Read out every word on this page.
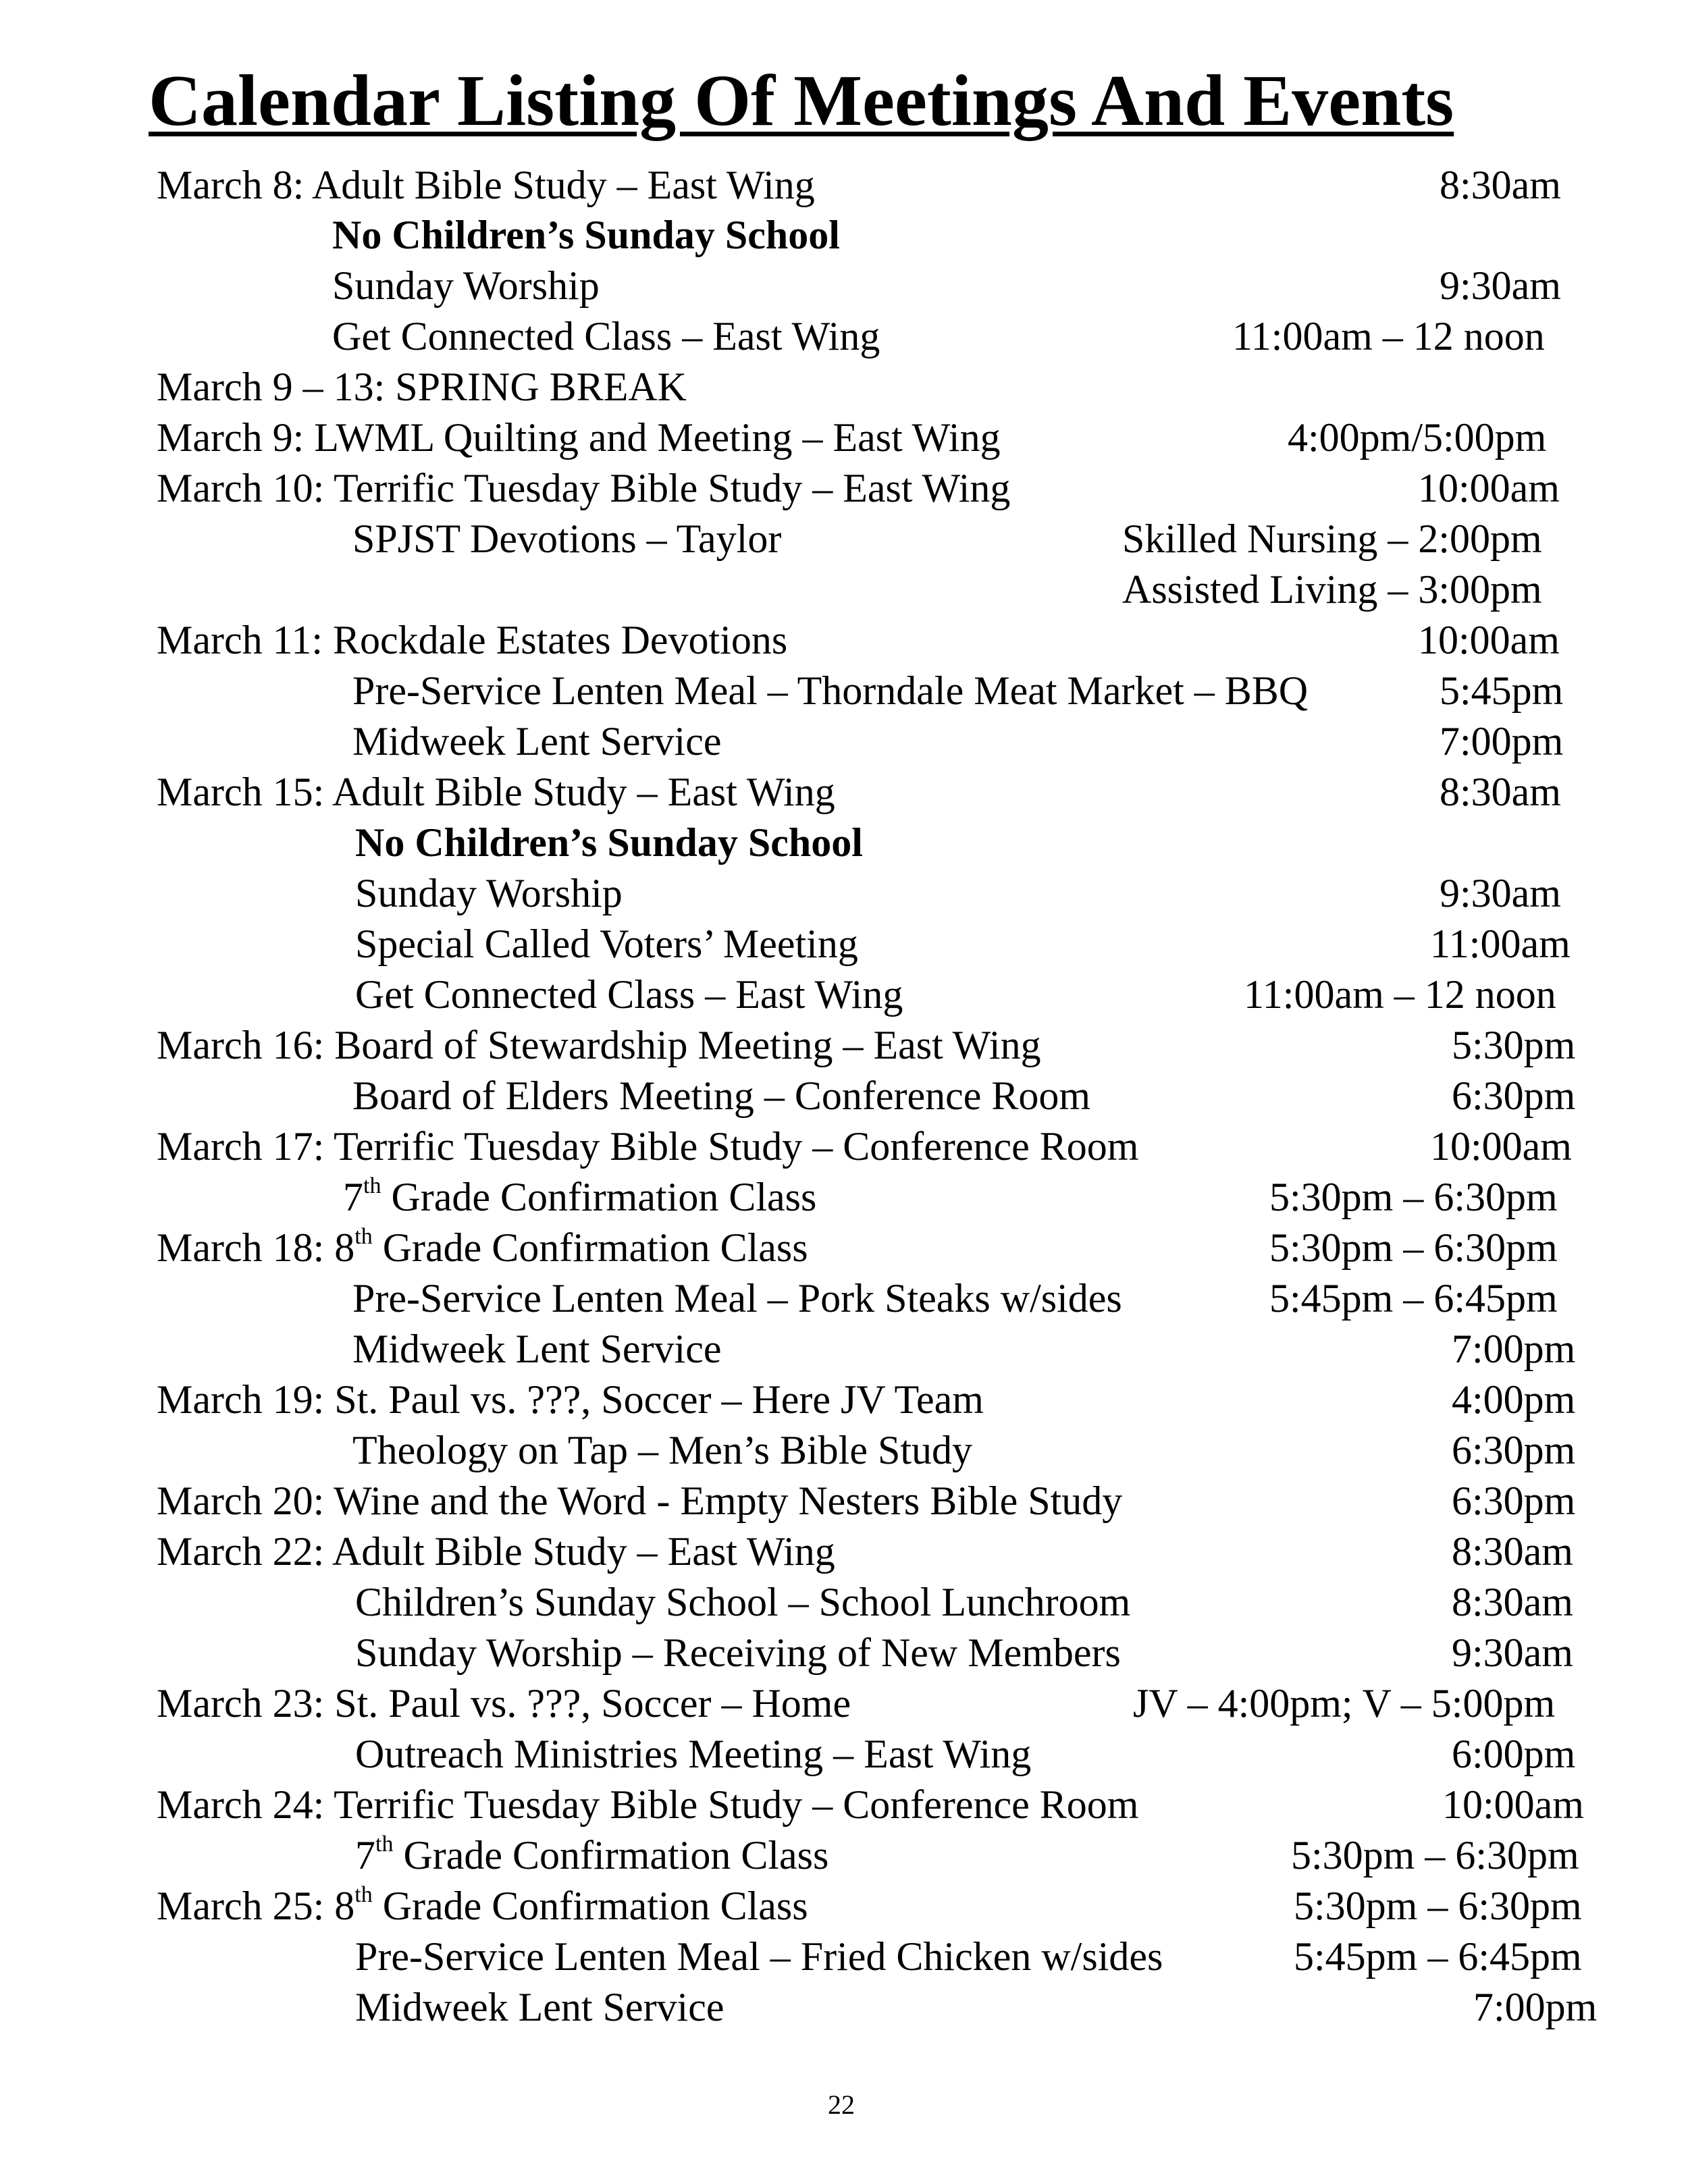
Calendar Listing Of Meetings And Events
March 8: Adult Bible Study – East Wing	8:30am
No Children’s Sunday School
Sunday Worship	9:30am
Get Connected Class – East Wing	11:00am – 12 noon
March 9 – 13: SPRING BREAK
March 9: LWML Quilting and Meeting – East Wing	4:00pm/5:00pm
March 10: Terrific Tuesday Bible Study – East Wing	10:00am
SPJST Devotions – Taylor	Skilled Nursing – 2:00pm
Assisted Living – 3:00pm
March 11: Rockdale Estates Devotions	10:00am
Pre-Service Lenten Meal – Thorndale Meat Market – BBQ	5:45pm
Midweek Lent Service	7:00pm
March 15: Adult Bible Study – East Wing	8:30am
No Children’s Sunday School
Sunday Worship	9:30am
Special Called Voters’ Meeting	11:00am
Get Connected Class – East Wing	11:00am – 12 noon
March 16: Board of Stewardship Meeting – East Wing	5:30pm
Board of Elders Meeting – Conference Room	6:30pm
March 17: Terrific Tuesday Bible Study – Conference Room	10:00am
7th Grade Confirmation Class	5:30pm – 6:30pm
March 18: 8th Grade Confirmation Class	5:30pm – 6:30pm
Pre-Service Lenten Meal – Pork Steaks w/sides	5:45pm – 6:45pm
Midweek Lent Service	7:00pm
March 19: St. Paul vs. ???, Soccer – Here JV Team	4:00pm
Theology on Tap – Men’s Bible Study	6:30pm
March 20: Wine and the Word - Empty Nesters Bible Study	6:30pm
March 22: Adult Bible Study – East Wing	8:30am
Children’s Sunday School – School Lunchroom	8:30am
Sunday Worship – Receiving of New Members	9:30am
March 23: St. Paul vs. ???, Soccer – Home	JV – 4:00pm; V – 5:00pm
Outreach Ministries Meeting – East Wing	6:00pm
March 24: Terrific Tuesday Bible Study – Conference Room	10:00am
7th Grade Confirmation Class	5:30pm – 6:30pm
March 25: 8th Grade Confirmation Class	5:30pm – 6:30pm
Pre-Service Lenten Meal – Fried Chicken w/sides	5:45pm – 6:45pm
Midweek Lent Service	7:00pm
22
